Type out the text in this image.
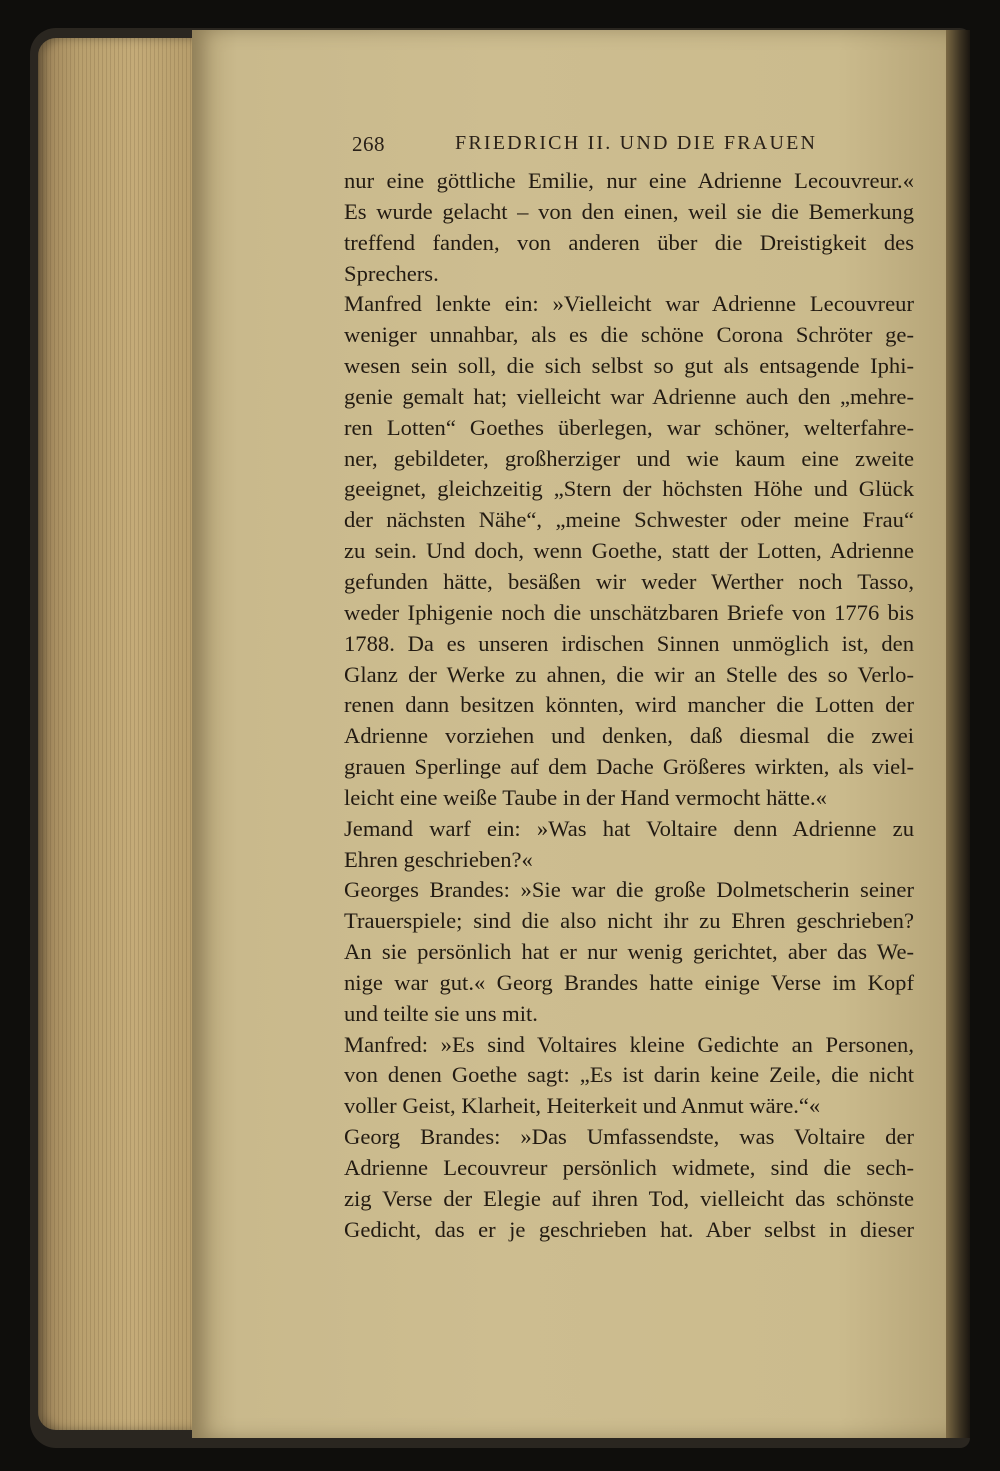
268	FRIEDRICH II. UND DIE FRAUEN
nur eine göttliche Emilie, nur eine Adrienne Lecouvreur.«
Es wurde gelacht – von den einen, weil sie die Bemerkung
treffend fanden, von anderen über die Dreistigkeit des
Sprechers.
Manfred lenkte ein: »Vielleicht war Adrienne Lecouvreur
weniger unnahbar, als es die schöne Corona Schröter ge-
wesen sein soll, die sich selbst so gut als entsagende Iphi-
genie gemalt hat; vielleicht war Adrienne auch den „mehre-
ren Lotten“ Goethes überlegen, war schöner, welterfahre-
ner, gebildeter, großherziger und wie kaum eine zweite
geeignet, gleichzeitig „Stern der höchsten Höhe und Glück
der nächsten Nähe“, „meine Schwester oder meine Frau“
zu sein. Und doch, wenn Goethe, statt der Lotten, Adrienne
gefunden hätte, besäßen wir weder Werther noch Tasso,
weder Iphigenie noch die unschätzbaren Briefe von 1776 bis
1788. Da es unseren irdischen Sinnen unmöglich ist, den
Glanz der Werke zu ahnen, die wir an Stelle des so Verlo-
renen dann besitzen könnten, wird mancher die Lotten der
Adrienne vorziehen und denken, daß diesmal die zwei
grauen Sperlinge auf dem Dache Größeres wirkten, als viel-
leicht eine weiße Taube in der Hand vermocht hätte.«
Jemand warf ein: »Was hat Voltaire denn Adrienne zu
Ehren geschrieben?«
Georges Brandes: »Sie war die große Dolmetscherin seiner
Trauerspiele; sind die also nicht ihr zu Ehren geschrieben?
An sie persönlich hat er nur wenig gerichtet, aber das We-
nige war gut.« Georg Brandes hatte einige Verse im Kopf
und teilte sie uns mit.
Manfred: »Es sind Voltaires kleine Gedichte an Personen,
von denen Goethe sagt: „Es ist darin keine Zeile, die nicht
voller Geist, Klarheit, Heiterkeit und Anmut wäre.“«
Georg Brandes: »Das Umfassendste, was Voltaire der
Adrienne Lecouvreur persönlich widmete, sind die sech-
zig Verse der Elegie auf ihren Tod, vielleicht das schönste
Gedicht, das er je geschrieben hat. Aber selbst in dieser
